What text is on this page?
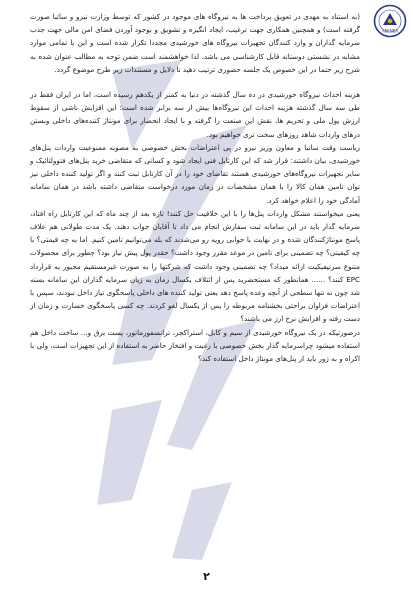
ASENEA

(به استناد به مهدی در تعویق پرداخت ها به نیروگاه های موجود در کشور که توسط وزارت نیرو و ساتبا صورت گرفته است) و همچنین همکاری جهت ترغیب، ایجاد انگیزه و تشویق و بوجود آوردن فضای امن مالی جهت جذب سرمایه گذاران و وارد کنندگان تجهیزات نیروگاه های خورشیدی مجددا تکرار شده است و این با تمامی موارد مشابه در نشستی دوستانه قابل کارشناسی می باشد، لذا خواهشمند است ضمن توجه به مطالب عنوان شده به شرح زیر حتما در این خصوص یک جلسه حضوری ترتیب دهید تا دلایل و مستندات زیر طرح موضوع گردد.

هزینه احداث نیروگاه خورشیدی در ده سال گذشته در دنیا به کمتر از یکدهم رسیده است، اما در ایران فقط در طی سه سال گذشته هزینه احداث این نیروگاه‌ها بیش از سه برابر شده است؛ این افزایش ناشی از سقوط ارزش پول ملی و تحریم ها، نقش این صنعت را گرفته و با ایجاد انحصار برای مونتاژ کننده‌های داخلی وبستن درهای واردات شاهد روزهای سخت تری خواهیم بود.

ریاست وقت ساتبا و معاون وزیر نیرو در پی اعتراضات بخش خصوصی به مصوبه ممنوعیت واردات پنل‌های خورشیدی، بیان داشتند: قرار شد که این کارتابل فنی ایجاد شود و کسانی که متقاضی خرید پنل‌های فتوولتائیک و سایر تجهیزات نیروگاه‌های خورشیدی هستند تقاضای خود را در آن کارتابل ثبت کنند و اگر تولید کننده داخلی نیز توان تامین همان کالا را با همان مشخصات در زمان مورد درخواست متقاضی داشته باشد در همان سامانه آمادگی خود را اعلام خواهد کرد.

یعنی میخواستند مشکل واردات پنل‌ها را با این خلاقیت حل کنند! تازه بعد از چند ماه که این کارتابل راه افتاد، سرمایه گذار باید در این سامانه ثبت سفارش انجام می داد تا آقایان جواب دهند. یک مدت طولانی هم علاف پاسخ مونتاژکنندگان شده و در نهایت با جوابی رویه رو می‌شدند که بله می‌توانیم تامین کنیم. اما به چه قیمتی؟ با چه کیفیتی؟ چه تضمینی برای تامین در موعد مقرر وجود داشت؟ حقدر پول پیش نیاز بود؟ چطور برای محصولات متنوع سرتیفیکیت ارائه میداد؟ چه تضمینی وجود داشت که شرکتها را به صورت غیرمستقیم مجبور به قرارداد EPC کنند؟ ...... همانطور که مستحضرید پس از ائتلاف یکسال زمان به زیان سرمایه گذاران این سامانه بسته شد چون نه تنها سطحی از آنچه وعده پاسخ دهد یعنی تولید کننده های داخلی پاسخگوی نیاز داخل نبودند، سپس با اعتراضات فراوان براحتی بخشنامه مربوطه را پس از یکسال لغو کردند. چه کسی پاسخگوی خسارت و زمان از دست رفته و افزایش نرخ ارز می باشند؟

درصورتیکه در یک نیروگاه خورشیدی از سیم و کابل، استراکچر، ترانسفورماتور، پست برق و... ساخت داخل هم استفاده میشود چرا‌سرمایه گذار بخش خصوصی با رغبت و افتخار حاضر به استفاده از این تجهیزات است، ولی با اکراه و به زور باید از پنل‌های مونتاژ داخل استفاده کند؟

۲
